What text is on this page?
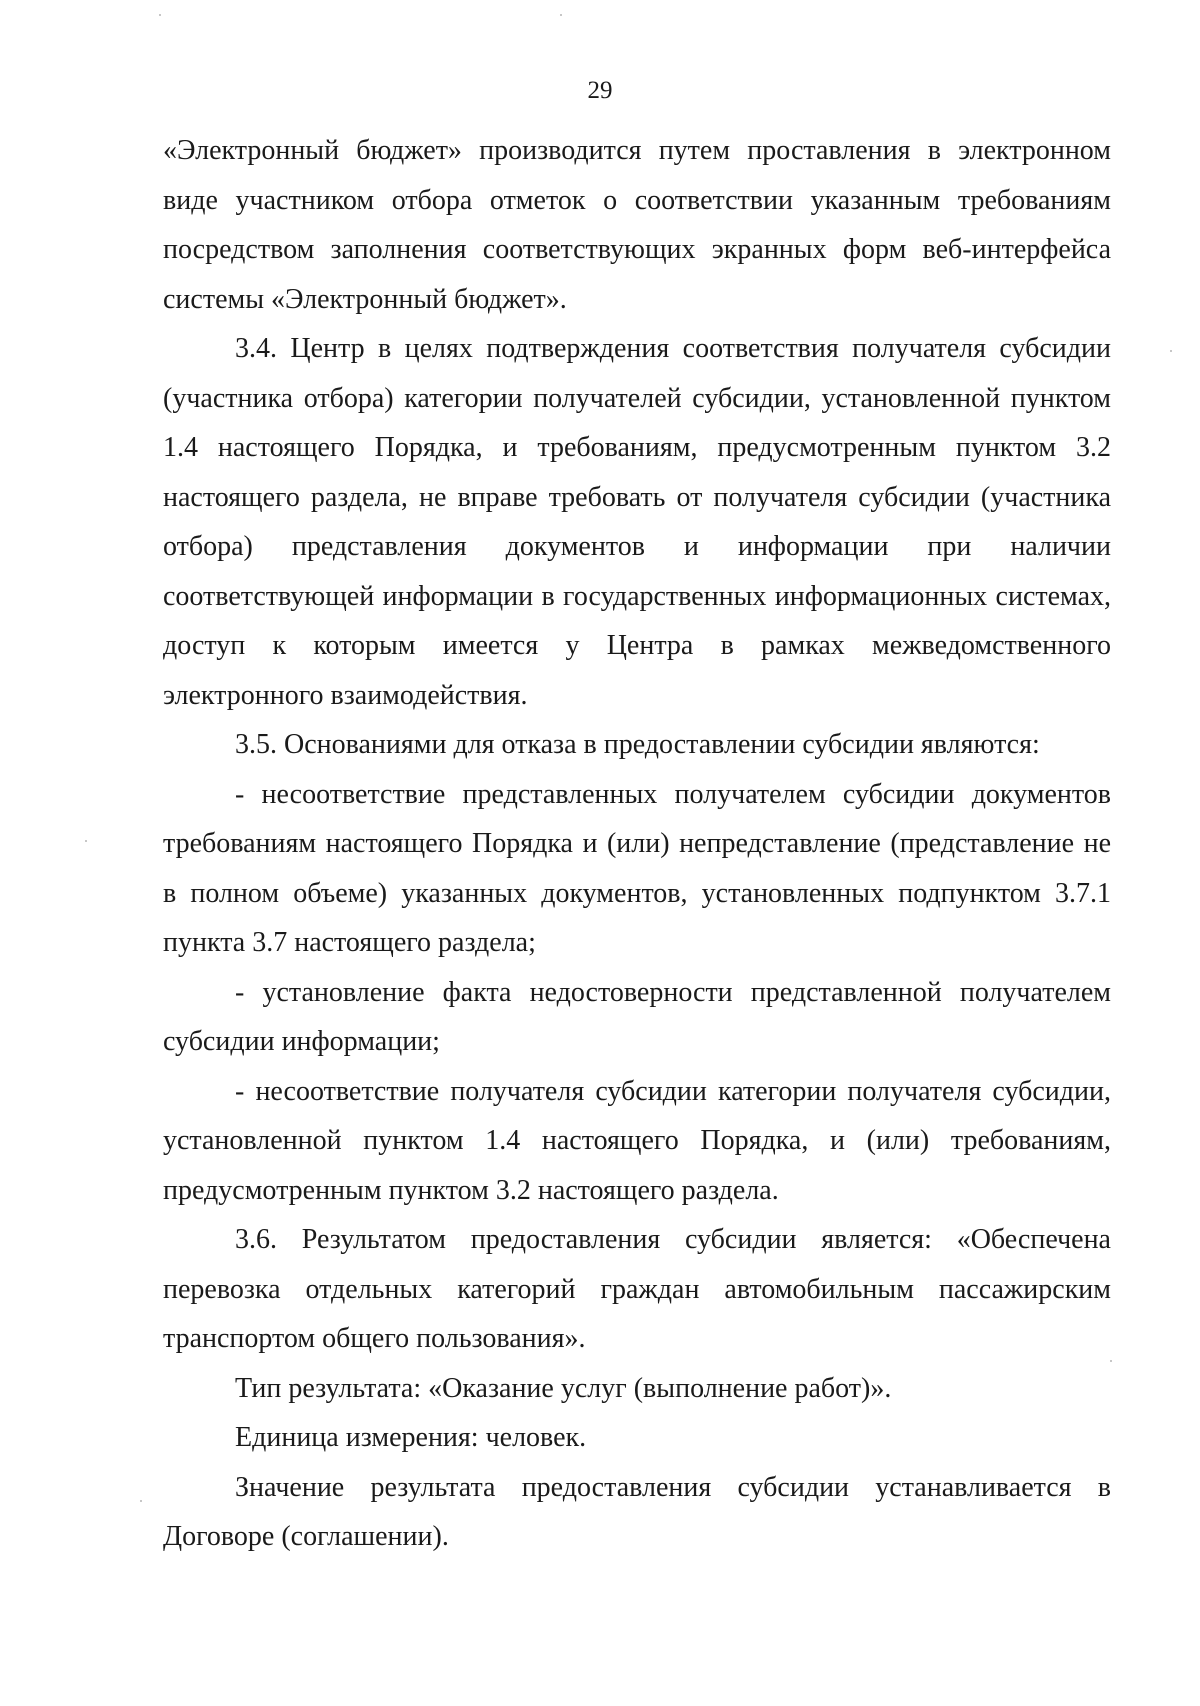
29

«Электронный бюджет» производится путем проставления в электронном виде участником отбора отметок о соответствии указанным требованиям посредством заполнения соответствующих экранных форм веб-интерфейса системы «Электронный бюджет».

3.4. Центр в целях подтверждения соответствия получателя субсидии (участника отбора) категории получателей субсидии, установленной пунктом 1.4 настоящего Порядка, и требованиям, предусмотренным пунктом 3.2 настоящего раздела, не вправе требовать от получателя субсидии (участника отбора) представления документов и информации при наличии соответствующей информации в государственных информационных системах, доступ к которым имеется у Центра в рамках межведомственного электронного взаимодействия.

3.5. Основаниями для отказа в предоставлении субсидии являются:

- несоответствие представленных получателем субсидии документов требованиям настоящего Порядка и (или) непредставление (представление не в полном объеме) указанных документов, установленных подпунктом 3.7.1 пункта 3.7 настоящего раздела;

- установление факта недостоверности представленной получателем субсидии информации;

- несоответствие получателя субсидии категории получателя субсидии, установленной пунктом 1.4 настоящего Порядка, и (или) требованиям, предусмотренным пунктом 3.2 настоящего раздела.

3.6. Результатом предоставления субсидии является: «Обеспечена перевозка отдельных категорий граждан автомобильным пассажирским транспортом общего пользования».

Тип результата: «Оказание услуг (выполнение работ)».

Единица измерения: человек.

Значение результата предоставления субсидии устанавливается в Договоре (соглашении).
